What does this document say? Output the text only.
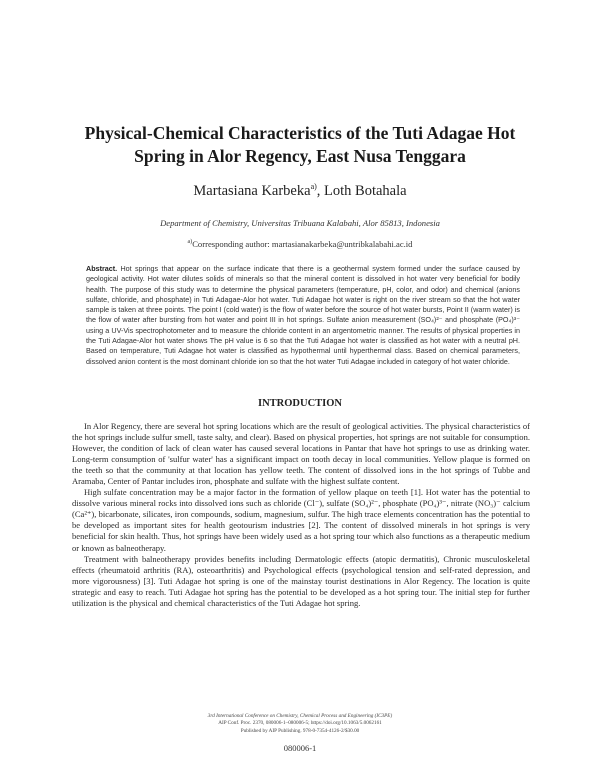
Physical-Chemical Characteristics of the Tuti Adagae Hot Spring in Alor Regency, East Nusa Tenggara
Martasiana Karbeka$^{a)}$, Loth Botahala
Department of Chemistry, Universitas Tribuana Kalabahi, Alor 85813, Indonesia
$^{a)}$Corresponding author: martasianakarbeka@untribkalabahi.ac.id

Abstract. Hot springs that appear on the surface indicate that there is a geothermal system formed under the surface caused by geological activity. Hot water dilutes solids of minerals so that the mineral content is dissolved in hot water very beneficial for bodily health. The purpose of this study was to determine the physical parameters (temperature, pH, color, and odor) and chemical (anions sulfate, chloride, and phosphate) in Tuti Adagae-Alor hot water. Tuti Adagae hot water is right on the river stream so that the hot water sample is taken at three points. The point I (cold water) is the flow of water before the source of hot water bursts, Point II (warm water) is the flow of water after bursting from hot water and point III in hot springs. Sulfate anion measurement (SO₄)²⁻ and phosphate (PO₄)³⁻ using a UV-Vis spectrophotometer and to measure the chloride content in an argentometric manner. The results of physical properties in the Tuti Adagae-Alor hot water shows The pH value is 6 so that the Tuti Adagae hot water is classified as hot water with a neutral pH. Based on temperature, Tuti Adagae hot water is classified as hypothermal until hyperthermal class. Based on chemical parameters, dissolved anion content is the most dominant chloride ion so that the hot water Tuti Adagae included in category of hot water chloride.

INTRODUCTION

In Alor Regency, there are several hot spring locations which are the result of geological activities. The physical characteristics of the hot springs include sulfur smell, taste salty, and clear). Based on physical properties, hot springs are not suitable for consumption. However, the condition of lack of clean water has caused several locations in Pantar that have hot springs to use as drinking water. Long-term consumption of 'sulfur water' has a significant impact on tooth decay in local communities. Yellow plaque is formed on the teeth so that the community at that location has yellow teeth. The content of dissolved ions in the hot springs of Tubbe and Aramaba, Center of Pantar includes iron, phosphate and sulfate with the highest sulfate content.

High sulfate concentration may be a major factor in the formation of yellow plaque on teeth [1]. Hot water has the potential to dissolve various mineral rocks into dissolved ions such as chloride (Cl⁻), sulfate (SO₄)²⁻, phosphate (PO₄)³⁻, nitrate (NO₃)⁻ calcium (Ca²⁺), bicarbonate, silicates, iron compounds, sodium, magnesium, sulfur. The high trace elements concentration has the potential to be developed as important sites for health geotourism industries [2]. The content of dissolved minerals in hot springs is very beneficial for skin health. Thus, hot springs have been widely used as a hot spring tour which also functions as a therapeutic medium or known as balneotherapy.

Treatment with balneotherapy provides benefits including Dermatologic effects (atopic dermatitis), Chronic musculoskeletal effects (rheumatoid arthritis (RA), osteoarthritis) and Psychological effects (psychological tension and self-rated depression, and more vigorousness) [3]. Tuti Adagae hot spring is one of the mainstay tourist destinations in Alor Regency. The location is quite strategic and easy to reach. Tuti Adagae hot spring has the potential to be developed as a hot spring tour. The initial step for further utilization is the physical and chemical characteristics of the Tuti Adagae hot spring.

3rd International Conference on Chemistry, Chemical Process and Engineering (IC3PE)
AIP Conf. Proc. 2370, 080006-1–080006-5; https://doi.org/10.1063/5.0062161
Published by AIP Publishing. 978-0-7354-4126-2/$30.00
080006-1
